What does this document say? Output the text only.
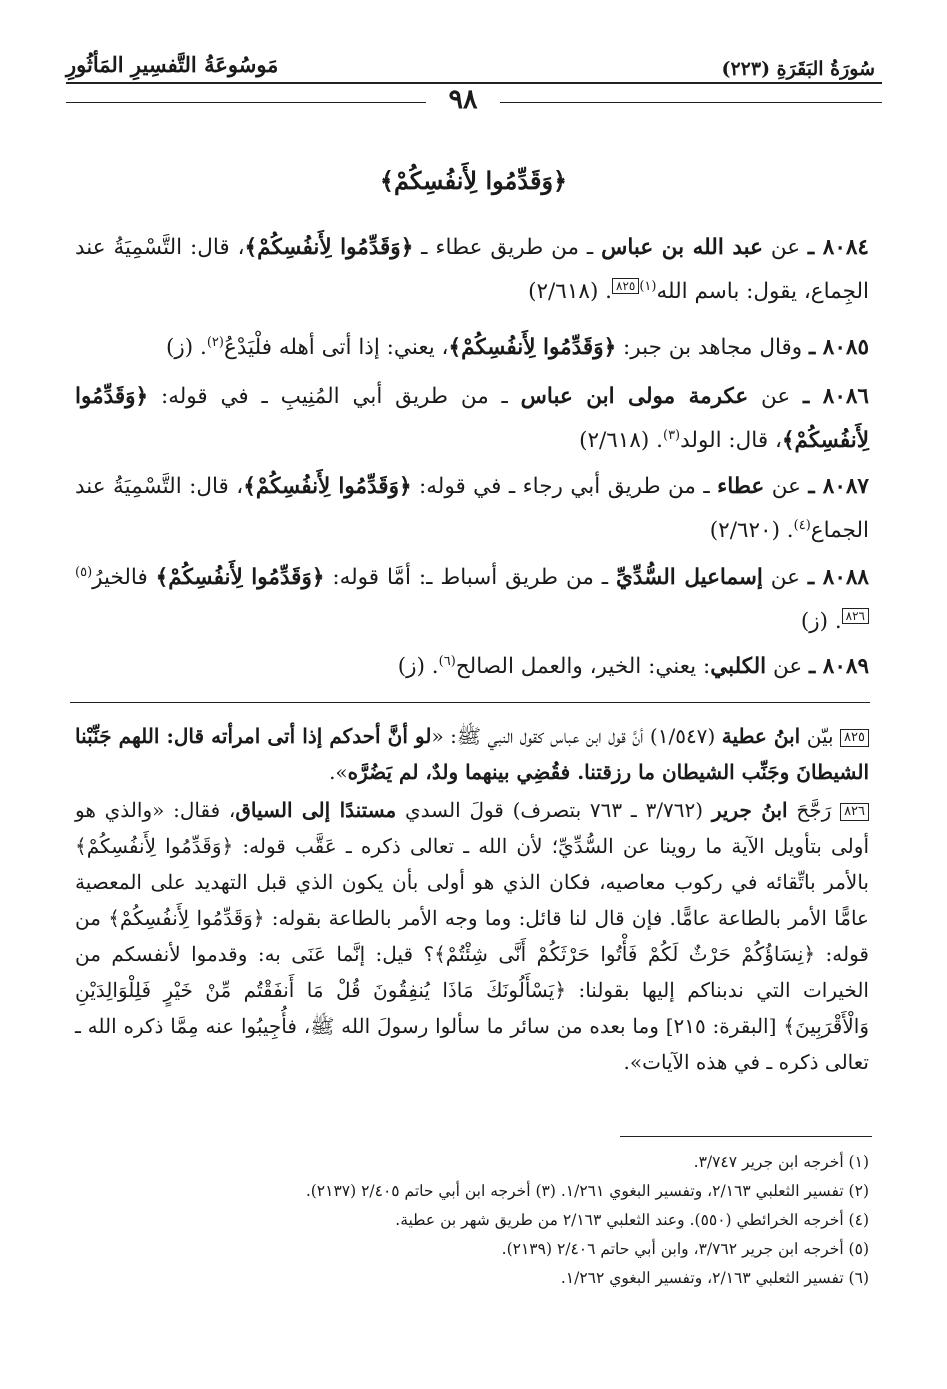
سُورَةُ البَقَرَةِ (٢٢٣)
مَوسُوعَةُ التَّفسِيرِ المَأثُورِ
٩٨
﴿وَقَدِّمُوا لِأَنفُسِكُمْ﴾
٨٠٨٤ ـ عن عبد الله بن عباس ـ من طريق عطاء ـ ﴿وَقَدِّمُوا لِأَنفُسِكُمْ﴾، قال: التَّسْمِيَةُ عند الجِماع، يقول: باسم الله$^{(١)}$٨٢٥. (٢/٦١٨)
٨٠٨٥ ـ وقال مجاهد بن جبر: ﴿وَقَدِّمُوا لِأَنفُسِكُمْ﴾، يعني: إذا أتى أهله فلْيَدْعُ$^{(٢)}$. (ز)
٨٠٨٦ ـ عن عكرمة مولى ابن عباس ـ من طريق أبي المُنِيبِ ـ في قوله: ﴿وَقَدِّمُوا لِأَنفُسِكُمْ﴾، قال: الولد$^{(٣)}$. (٢/٦١٨)
٨٠٨٧ ـ عن عطاء ـ من طريق أبي رجاء ـ في قوله: ﴿وَقَدِّمُوا لِأَنفُسِكُمْ﴾، قال: التَّسْمِيَةُ عند الجماع$^{(٤)}$. (٢/٦٢٠)
٨٠٨٨ ـ عن إسماعيل السُّدِّيِّ ـ من طريق أسباط ـ: أمَّا قوله: ﴿وَقَدِّمُوا لِأَنفُسِكُمْ﴾ فالخيرُ$^{(٥)}$٨٢٦. (ز)
٨٠٨٩ ـ عن الكلبي: يعني: الخير، والعمل الصالح$^{(٦)}$. (ز)
٨٢٥ بيّن ابنُ عطية (١/٥٤٧) أنَّ قول ابن عباس كقول النبي ﷺ: «لو أنَّ أحدكم إذا أتى امرأته قال: اللهم جَنِّبْنا الشيطانَ وجَنِّب الشيطان ما رزقتنا. فقُضِي بينهما ولدٌ، لم يَضُرَّه».
٨٢٦ رَجَّحَ ابنُ جرير (٣/٧٦٢ ـ ٧٦٣ بتصرف) قولَ السدي مستندًا إلى السياق، فقال: «والذي هو أولى بتأويل الآية ما روينا عن السُّدِّيِّ؛ لأن الله ـ تعالى ذكره ـ عَقَّب قوله: ﴿وَقَدِّمُوا لِأَنفُسِكُمْ﴾ بالأمر باتِّقائه في ركوب معاصيه، فكان الذي هو أولى بأن يكون الذي قبل التهديد على المعصية عامًّا الأمر بالطاعة عامًّا. فإن قال لنا قائل: وما وجه الأمر بالطاعة بقوله: ﴿وَقَدِّمُوا لِأَنفُسِكُمْ﴾ من قوله: ﴿نِسَاؤُكُمْ حَرْثٌ لَكُمْ فَأْتُوا حَرْثَكُمْ أَنَّى شِئْتُمْ﴾؟ قيل: إنَّما عَنَى به: وقدموا لأنفسكم من الخيرات التي ندبناكم إليها بقولنا: ﴿يَسْأَلُونَكَ مَاذَا يُنفِقُونَ قُلْ مَا أَنفَقْتُم مِّنْ خَيْرٍ فَلِلْوَالِدَيْنِ وَالْأَقْرَبِينَ﴾ [البقرة: ٢١٥] وما بعده من سائر ما سألوا رسولَ الله ﷺ، فأُجِيبُوا عنه مِمَّا ذكره الله ـ تعالى ذكره ـ في هذه الآيات».
(١) أخرجه ابن جرير ٣/٧٤٧.
(٢) تفسير الثعلبي ٢/١٦٣، وتفسير البغوي ١/٢٦١. (٣) أخرجه ابن أبي حاتم ٢/٤٠٥ (٢١٣٧).
(٤) أخرجه الخرائطي (٥٥٠). وعند الثعلبي ٢/١٦٣ من طريق شهر بن عطية.
(٥) أخرجه ابن جرير ٣/٧٦٢، وابن أبي حاتم ٢/٤٠٦ (٢١٣٩).
(٦) تفسير الثعلبي ٢/١٦٣، وتفسير البغوي ١/٢٦٢.
